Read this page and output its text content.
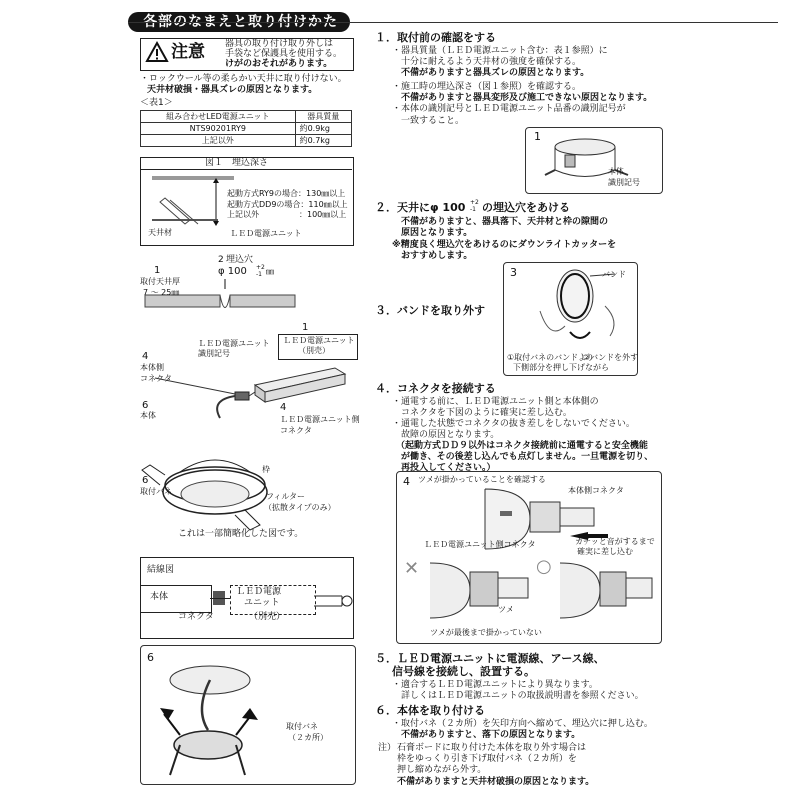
各部のなまえと取り付けかた
注意 器具の取り付け取り外しは
手袋など保護具を使用する。
けがのおそれがあります。
・ロックウール等の柔らかい天井に取り付けない。
天井材破損・器具ズレの原因となります。
＜表1＞
組み合わせLED電源ユニット	器具質量
NTS90201RY9	約0.9kg
上記以外	約0.7kg
図１　埋込深さ
起動方式RY9の場合：130㎜以上
起動方式DD9の場合：110㎜以上
上記以外　　　　　：100㎜以上
天井材	ＬＥＤ電源ユニット
2 埋込穴
φ 100 +2
-1 ㎜
1
取付天井厚
7 ～ 25㎜
1
ＬＥＤ電源ユニット
識別記号
ＬＥＤ電源ユニット
（別売）
4
本体側
コネクタ
4
ＬＥＤ電源ユニット側
コネクタ
6
本体
枠
6
取付バネ
フィルター
（拡散タイプのみ）
これは一部簡略化した図です。
結線図
本体	ＬＥＤ電源
ユニット
コネクタ	（別売）
6
取付バネ
（２カ所）
１．取付前の確認をする
・器具質量（ＬＥＤ電源ユニット含む：表１参照）に
十分に耐えるよう天井材の強度を確保する。
不備がありますと器具ズレの原因となります。
・施工時の埋込深さ（図１参照）を確認する。
不備がありますと器具変形及び施工できない原因となります。
・本体の識別記号とＬＥＤ電源ユニット品番の識別記号が
一致すること。
1
本体
識別記号
２．天井にφ 100 +2
-1 の埋込穴をあける
不備がありますと、器具落下、天井材と枠の隙間の
原因となります。
※精度良く埋込穴をあけるのにダウンライトカッターを
おすすめします。
３．バンドを取り外す
3	バンド
①取付バネのバンドより
下側部分を押し下げながら
②バンドを外す
４．コネクタを接続する
・通電する前に、ＬＥＤ電源ユニット側と本体側の
コネクタを下図のように確実に差し込む。
・通電した状態でコネクタの抜き差しをしないでください。
故障の原因となります。
（起動方式ＤＤ９以外はコネクタ接続前に通電すると安全機能
が働き、その後差し込んでも点灯しません。一旦電源を切り、
再投入してください。）
4 ツメが掛かっていることを確認する
本体側コネクタ
カチッと音がするまで
確実に差し込む
ＬＥＤ電源ユニット側コネクタ
✕	○
ツメ
ツメが最後まで掛かっていない
５．ＬＥＤ電源ユニットに電源線、アース線、
信号線を接続し、設置する。
・適合するＬＥＤ電源ユニットにより異なります。
詳しくはＬＥＤ電源ユニットの取扱説明書を参照ください。
６．本体を取り付ける
・取付バネ（２カ所）を矢印方向へ縮めて、埋込穴に押し込む。
不備がありますと、落下の原因となります。
注） 石膏ボードに取り付けた本体を取り外す場合は
枠をゆっくり引き下げ取付バネ（２カ所）を
押し縮めながら外す。
不備がありますと天井材破損の原因となります。
